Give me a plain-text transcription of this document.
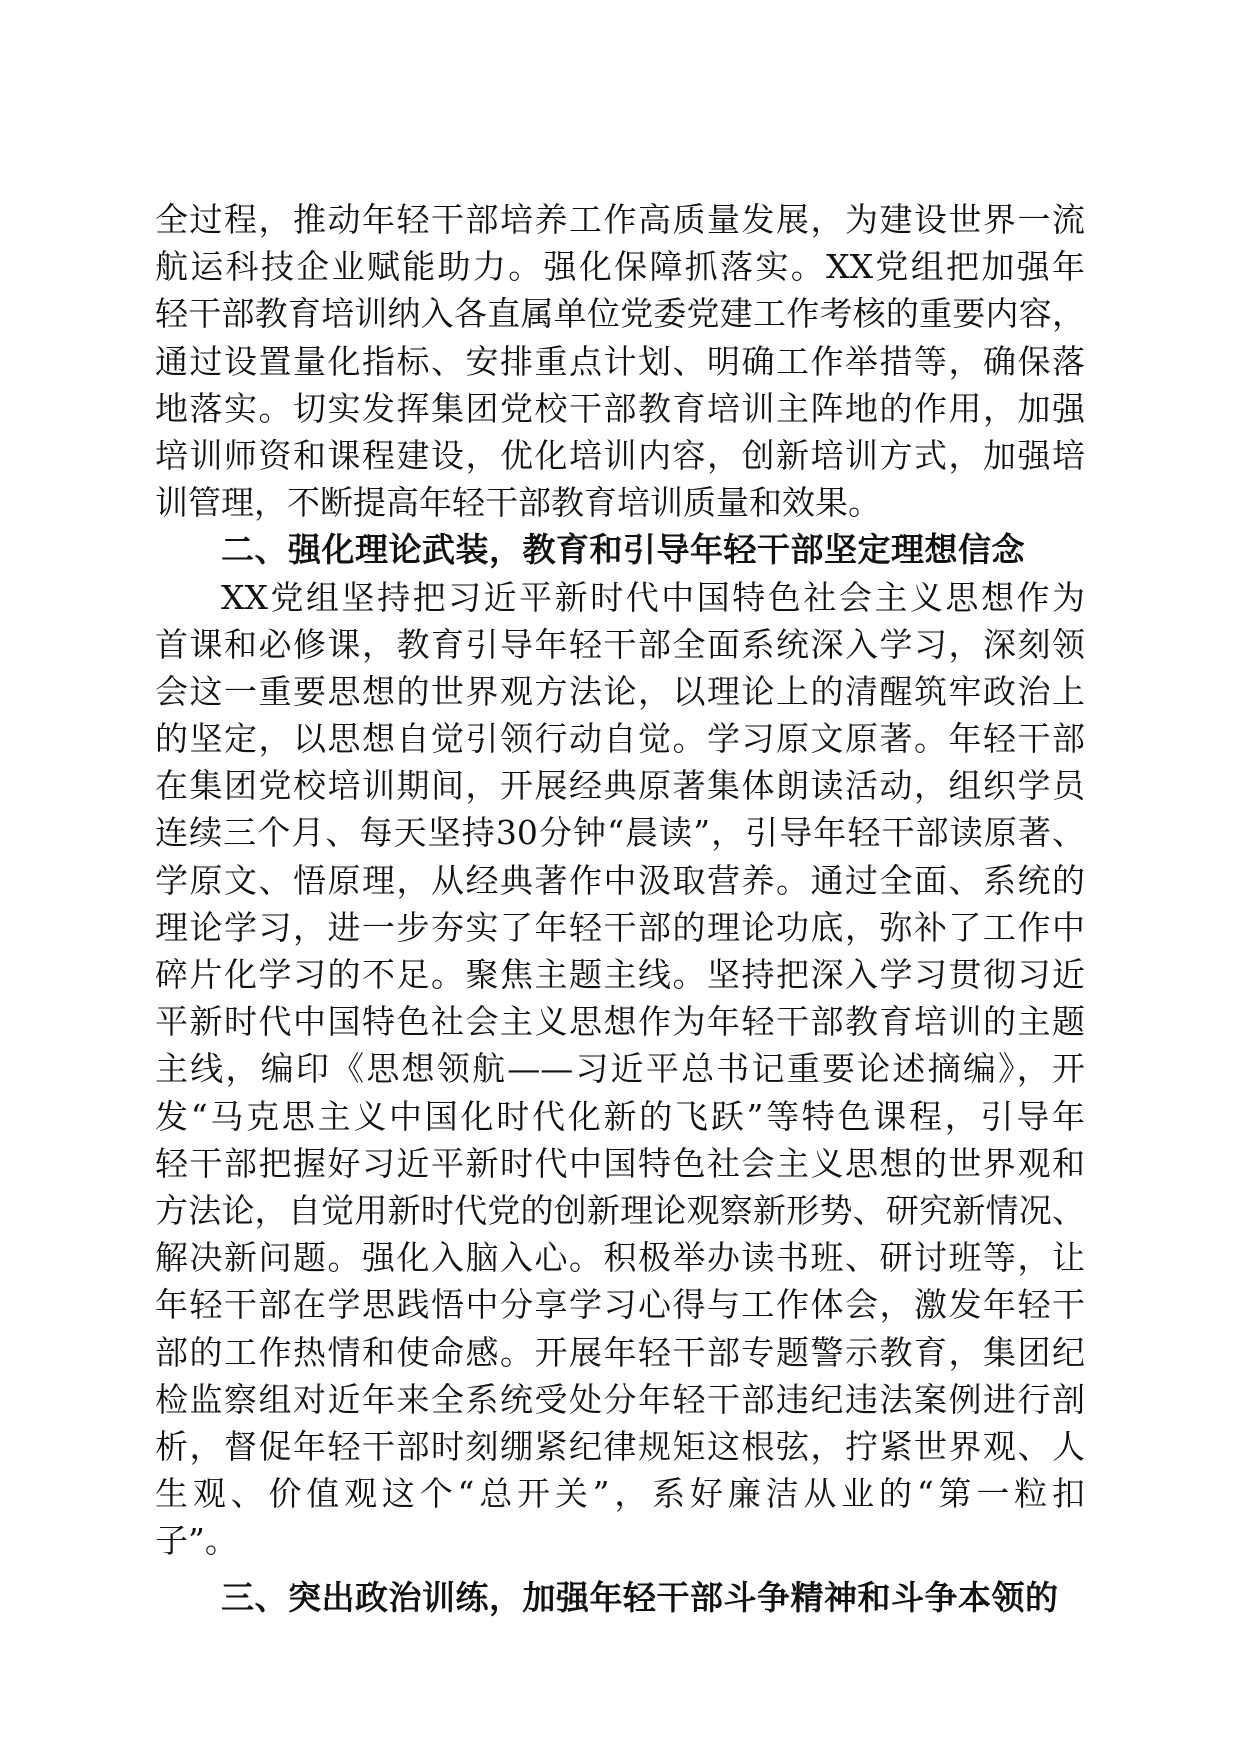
全过程，推动年轻干部培养工作高质量发展，为建设世界一流
航运科技企业赋能助力。强化保障抓落实。XX党组把加强年
轻干部教育培训纳入各直属单位党委党建工作考核的重要内容，
通过设置量化指标、安排重点计划、明确工作举措等，确保落
地落实。切实发挥集团党校干部教育培训主阵地的作用，加强
培训师资和课程建设，优化培训内容，创新培训方式，加强培
训管理，不断提高年轻干部教育培训质量和效果。
二、强化理论武装，教育和引导年轻干部坚定理想信念
XX党组坚持把习近平新时代中国特色社会主义思想作为
首课和必修课，教育引导年轻干部全面系统深入学习，深刻领
会这一重要思想的世界观方法论，以理论上的清醒筑牢政治上
的坚定，以思想自觉引领行动自觉。学习原文原著。年轻干部
在集团党校培训期间，开展经典原著集体朗读活动，组织学员
连续三个月、每天坚持30分钟“晨读”，引导年轻干部读原著、
学原文、悟原理，从经典著作中汲取营养。通过全面、系统的
理论学习，进一步夯实了年轻干部的理论功底，弥补了工作中
碎片化学习的不足。聚焦主题主线。坚持把深入学习贯彻习近
平新时代中国特色社会主义思想作为年轻干部教育培训的主题
主线，编印《思想领航——习近平总书记重要论述摘编》，开
发“马克思主义中国化时代化新的飞跃”等特色课程，引导年
轻干部把握好习近平新时代中国特色社会主义思想的世界观和
方法论，自觉用新时代党的创新理论观察新形势、研究新情况、
解决新问题。强化入脑入心。积极举办读书班、研讨班等，让
年轻干部在学思践悟中分享学习心得与工作体会，激发年轻干
部的工作热情和使命感。开展年轻干部专题警示教育，集团纪
检监察组对近年来全系统受处分年轻干部违纪违法案例进行剖
析，督促年轻干部时刻绷紧纪律规矩这根弦，拧紧世界观、人
生观、价值观这个“总开关”，系好廉洁从业的“第一粒扣
子”。
三、突出政治训练，加强年轻干部斗争精神和斗争本领的
